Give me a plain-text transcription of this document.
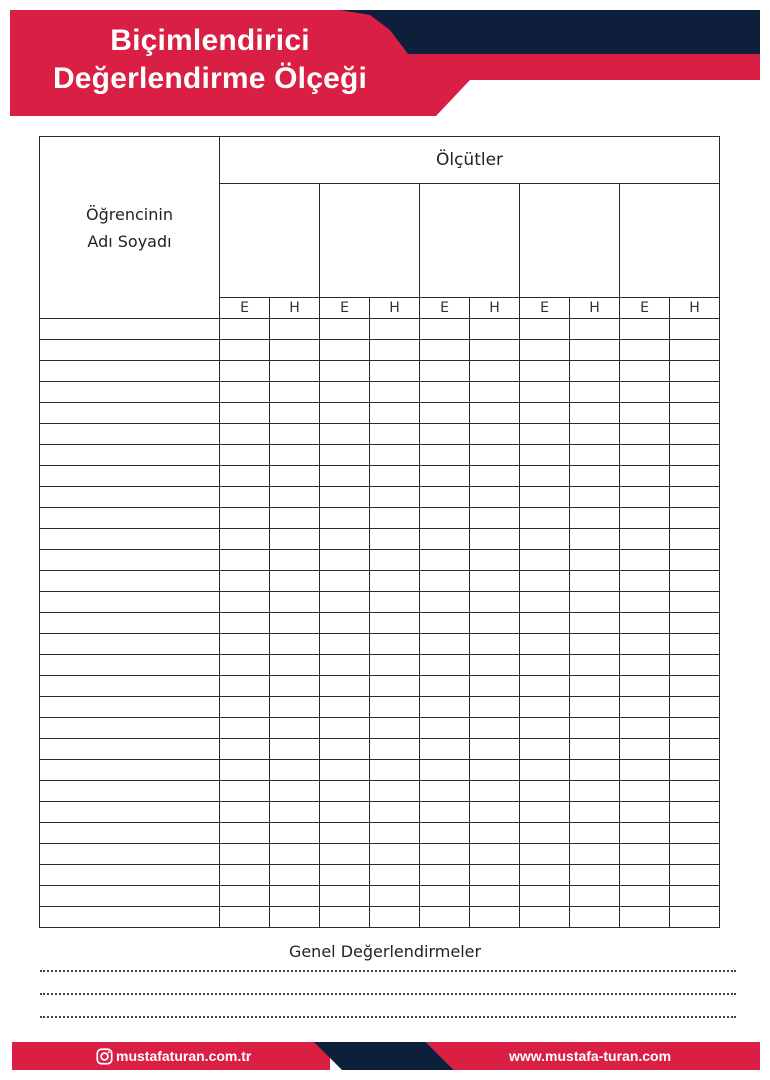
Biçimlendirici
Değerlendirme Ölçeği
Öğrencinin
Adı Soyadı	Ölçütler									

	E	H	E	H	E	H	E	H	E	H

Genel Değerlendirmeler
mustafaturan.com.tr	www.mustafa-turan.com
